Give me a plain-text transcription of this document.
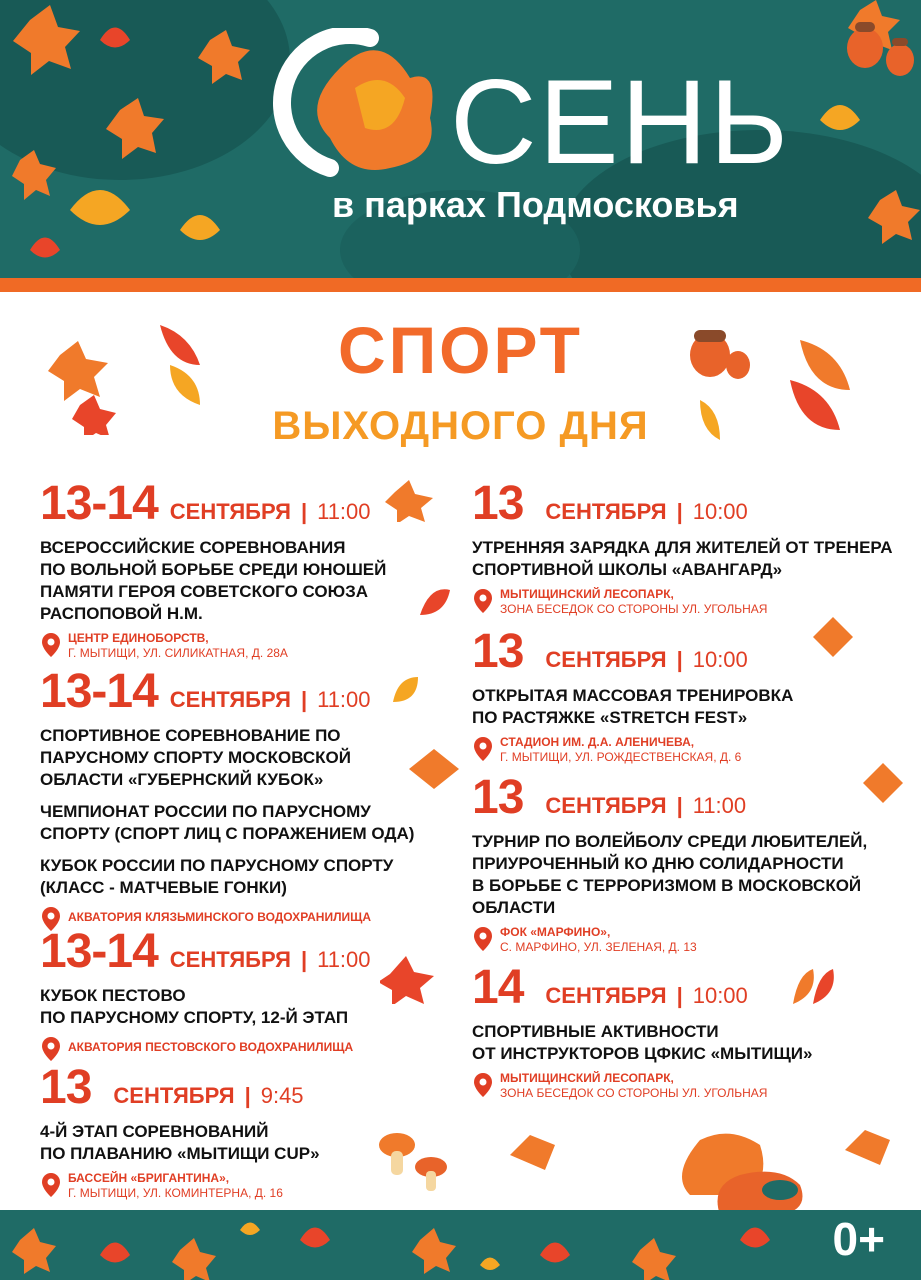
СЕНЬ
в парках Подмосковья
СПОРТ
ВЫХОДНОГО ДНЯ
13-14 СЕНТЯБРЯ | 11:00
ВСЕРОССИЙСКИЕ СОРЕВНОВАНИЯ
ПО ВОЛЬНОЙ БОРЬБЕ СРЕДИ ЮНОШЕЙ
ПАМЯТИ ГЕРОЯ СОВЕТСКОГО СОЮЗА
РАСПОПОВОЙ Н.М.
ЦЕНТР ЕДИНОБОРСТВ,
Г. МЫТИЩИ, УЛ. СИЛИКАТНАЯ, Д. 28А
13-14 СЕНТЯБРЯ | 11:00
СПОРТИВНОЕ СОРЕВНОВАНИЕ ПО
ПАРУСНОМУ СПОРТУ МОСКОВСКОЙ
ОБЛАСТИ «ГУБЕРНСКИЙ КУБОК»
ЧЕМПИОНАТ РОССИИ ПО ПАРУСНОМУ
СПОРТУ (СПОРТ ЛИЦ С ПОРАЖЕНИЕМ ОДА)
КУБОК РОССИИ ПО ПАРУСНОМУ СПОРТУ
(КЛАСС - МАТЧЕВЫЕ ГОНКИ)
АКВАТОРИЯ КЛЯЗЬМИНСКОГО ВОДОХРАНИЛИЩА
13-14 СЕНТЯБРЯ | 11:00
КУБОК ПЕСТОВО
ПО ПАРУСНОМУ СПОРТУ, 12-Й ЭТАП
АКВАТОРИЯ ПЕСТОВСКОГО ВОДОХРАНИЛИЩА
13 СЕНТЯБРЯ | 9:45
4-Й ЭТАП СОРЕВНОВАНИЙ
ПО ПЛАВАНИЮ «МЫТИЩИ CUP»
БАССЕЙН «БРИГАНТИНА»,
Г. МЫТИЩИ, УЛ. КОМИНТЕРНА, Д. 16
13 СЕНТЯБРЯ | 10:00
УТРЕННЯЯ ЗАРЯДКА ДЛЯ ЖИТЕЛЕЙ ОТ ТРЕНЕРА
СПОРТИВНОЙ ШКОЛЫ «АВАНГАРД»
МЫТИЩИНСКИЙ ЛЕСОПАРК,
ЗОНА БЕСЕДОК СО СТОРОНЫ УЛ. УГОЛЬНАЯ
13 СЕНТЯБРЯ | 10:00
ОТКРЫТАЯ МАССОВАЯ ТРЕНИРОВКА
ПО РАСТЯЖКЕ «STRETCH FEST»
СТАДИОН ИМ. Д.А. АЛЕНИЧЕВА,
Г. МЫТИЩИ, УЛ. РОЖДЕСТВЕНСКАЯ, Д. 6
13 СЕНТЯБРЯ | 11:00
ТУРНИР ПО ВОЛЕЙБОЛУ СРЕДИ ЛЮБИТЕЛЕЙ,
ПРИУРОЧЕННЫЙ КО ДНЮ СОЛИДАРНОСТИ
В БОРЬБЕ С ТЕРРОРИЗМОМ В МОСКОВСКОЙ
ОБЛАСТИ
ФОК «МАРФИНО»,
С. МАРФИНО, УЛ. ЗЕЛЕНАЯ, Д. 13
14 СЕНТЯБРЯ | 10:00
СПОРТИВНЫЕ АКТИВНОСТИ
ОТ ИНСТРУКТОРОВ ЦФКИС «МЫТИЩИ»
МЫТИЩИНСКИЙ ЛЕСОПАРК,
ЗОНА БЕСЕДОК СО СТОРОНЫ УЛ. УГОЛЬНАЯ
0+
